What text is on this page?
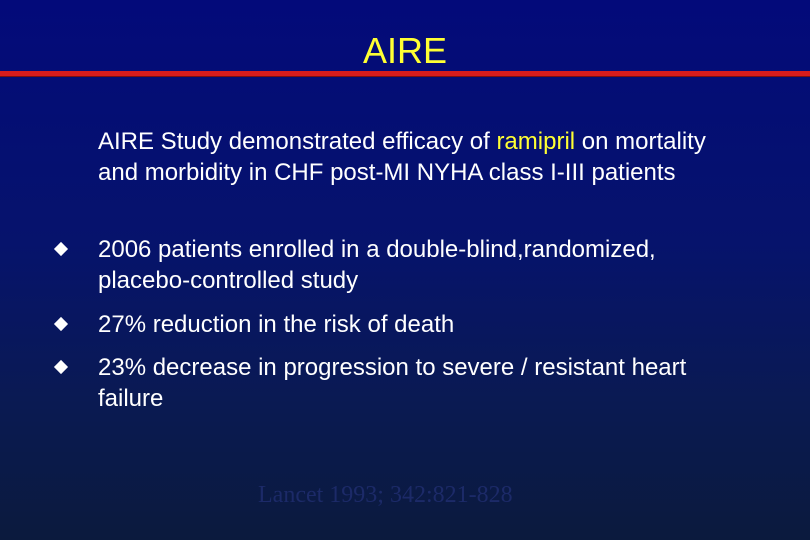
AIRE
AIRE Study demonstrated efficacy of ramipril on mortality and morbidity in CHF post-MI NYHA class I-III patients
2006 patients enrolled in a double-blind,randomized, placebo-controlled study
27% reduction in the risk of death
23% decrease in progression to severe / resistant heart failure
Lancet 1993; 342:821-828
